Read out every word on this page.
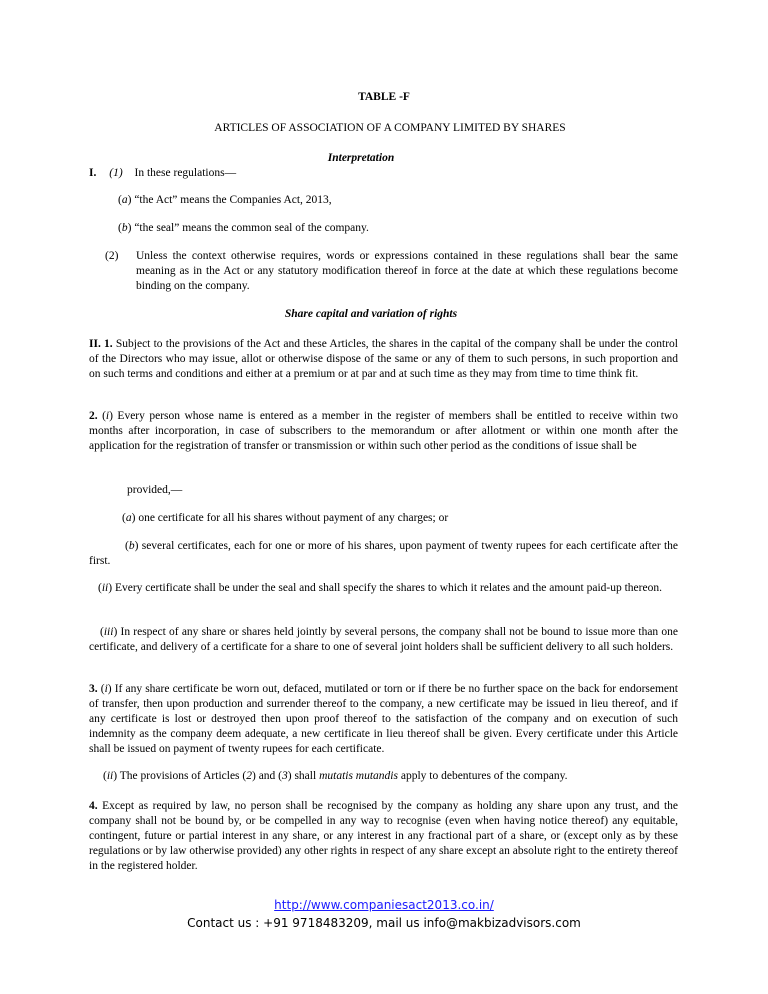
TABLE -F
ARTICLES OF ASSOCIATION OF A COMPANY LIMITED BY SHARES
Interpretation
I. (1) In these regulations—
(a) “the Act” means the Companies Act, 2013,
(b) “the seal” means the common seal of the company.
(2) Unless the context otherwise requires, words or expressions contained in these regulations shall bear the same meaning as in the Act or any statutory modification thereof in force at the date at which these regulations become binding on the company.

Share capital and variation of rights

II. 1. Subject to the provisions of the Act and these Articles, the shares in the capital of the company shall be under the control of the Directors who may issue, allot or otherwise dispose of the same or any of them to such persons, in such proportion and on such terms and conditions and either at a premium or at par and at such time as they may from time to time think fit.

2. (i) Every person whose name is entered as a member in the register of members shall be entitled to receive within two months after incorporation, in case of subscribers to the memorandum or after allotment or within one month after the application for the registration of transfer or transmission or within such other period as the conditions of issue shall be

provided,—
(a) one certificate for all his shares without payment of any charges; or

(b) several certificates, each for one or more of his shares, upon payment of twenty rupees for each certificate after the first.

(ii) Every certificate shall be under the seal and shall specify the shares to which it relates and the amount paid-up thereon.

(iii) In respect of any share or shares held jointly by several persons, the company shall not be bound to issue more than one certificate, and delivery of a certificate for a share to one of several joint holders shall be sufficient delivery to all such holders.

3. (i) If any share certificate be worn out, defaced, mutilated or torn or if there be no further space on the back for endorsement of transfer, then upon production and surrender thereof to the company, a new certificate may be issued in lieu thereof, and if any certificate is lost or destroyed then upon proof thereof to the satisfaction of the company and on execution of such indemnity as the company deem adequate, a new certificate in lieu thereof shall be given. Every certificate under this Article shall be issued on payment of twenty rupees for each certificate.

(ii) The provisions of Articles (2) and (3) shall mutatis mutandis apply to debentures of the company.

4. Except as required by law, no person shall be recognised by the company as holding any share upon any trust, and the company shall not be bound by, or be compelled in any way to recognise (even when having notice thereof) any equitable, contingent, future or partial interest in any share, or any interest in any fractional part of a share, or (except only as by these regulations or by law otherwise provided) any other rights in respect of any share except an absolute right to the entirety thereof in the registered holder.

http://www.companiesact2013.co.in/
Contact us : +91 9718483209, mail us info@makbizadvisors.com
